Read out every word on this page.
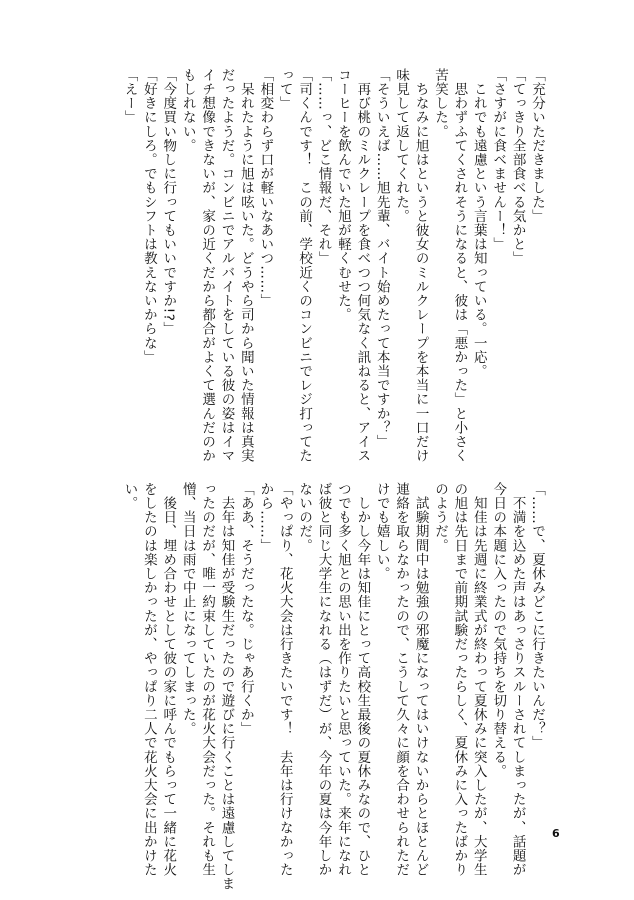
「充分いただきました」
「てっきり全部食べる気かと」
「さすがに食べませんー！」
　これでも遠慮という言葉は知っている。一応。
　思わずふてくされそうになると、彼は「悪かった」と小さく
苦笑した。
　ちなみに旭はというと彼女のミルクレープを本当に一口だけ
味見して返してくれた。
「そういえば……旭先輩、バイト始めたって本当ですか？」
　再び桃のミルクレープを食べつつ何気なく訊ねると、アイス
コーヒーを飲んでいた旭が軽くむせた。
「……っ、どこ情報だ、それ」
「司くんです！　この前、学校近くのコンビニでレジ打ってた
って」
「相変わらず口が軽いなあいつ……」
　呆れたように旭は呟いた。どうやら司から聞いた情報は真実
だったようだ。コンビニでアルバイトをしている彼の姿はイマ
イチ想像できないが、家の近くだから都合がよくて選んだのか
もしれない。
「今度買い物しに行ってもいいですか!?」
「好きにしろ。でもシフトは教えないからな」
「えー」
「……で、夏休みどこに行きたいんだ？」
　不満を込めた声はあっさりスルーされてしまったが、話題が
今日の本題に入ったので気持ちを切り替える。
　知佳は先週に終業式が終わって夏休みに突入したが、大学生
の旭は先日まで前期試験だったらしく、夏休みに入ったばかり
のようだ。
　試験期間中は勉強の邪魔になってはいけないからとほとんど
連絡を取らなかったので、こうして久々に顔を合わせられただ
けでも嬉しい。
　しかし今年は知佳にとって高校生最後の夏休みなので、ひと
つでも多く旭との思い出を作りたいと思っていた。来年になれ
ば彼と同じ大学生になれる（はずだ）が、今年の夏は今年しか
ないのだ。
「やっぱり、花火大会は行きたいです！　去年は行けなかった
から……」
「ああ、そうだったな。じゃあ行くか」
　去年は知佳が受験生だったので遊びに行くことは遠慮してしま
ったのだが、唯一約束していたのが花火大会だった。それも生
憎、当日は雨で中止になってしまった。
　後日、埋め合わせとして彼の家に呼んでもらって一緒に花火
をしたのは楽しかったが、やっぱり二人で花火大会に出かけた
い。
6
